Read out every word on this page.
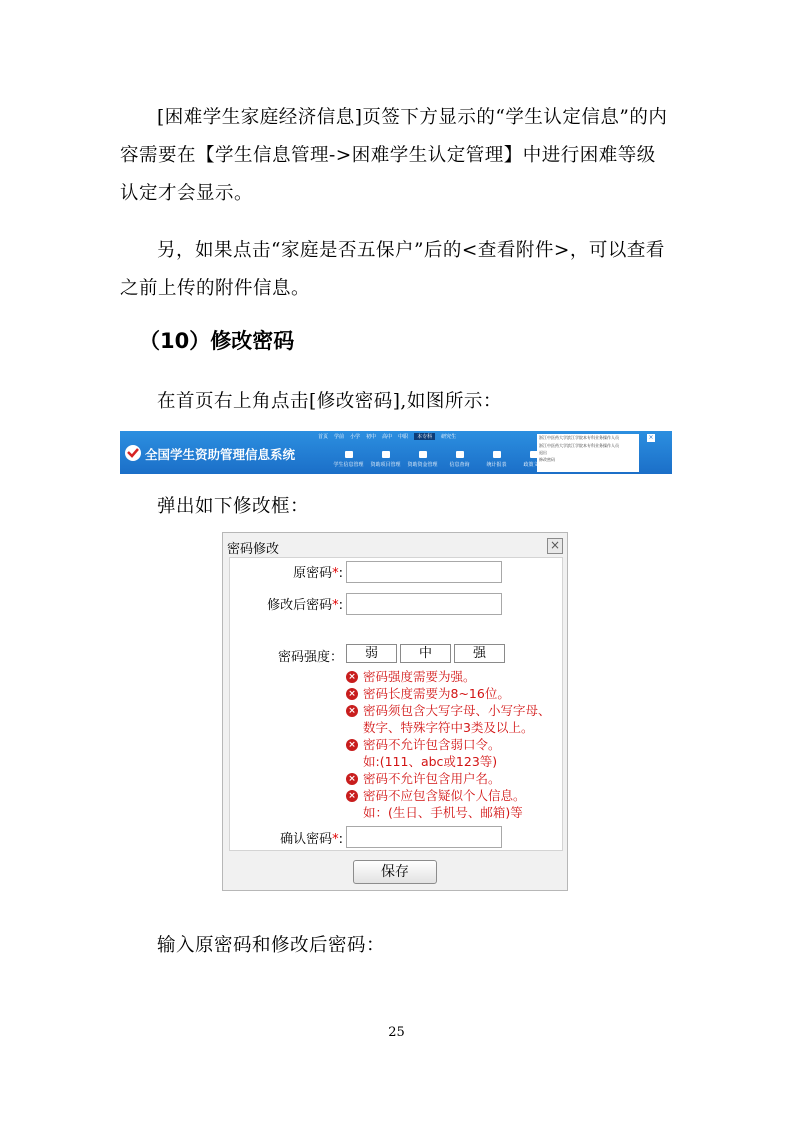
[困难学生家庭经济信息]页签下方显示的“学生认定信息”的内容需要在【学生信息管理->困难学生认定管理】中进行困难等级认定才会显示。

另，如果点击“家庭是否五保户”后的<查看附件>，可以查看之前上传的附件信息。

（10）修改密码

在首页右上角点击[修改密码],如图所示：

全国学生资助管理信息系统
首页 学前 小学 初中 高中 中职	本专科	研究生	浙江中医药大学滨江学院本专科业务操作人员
浙江中医药大学滨江学院本专科业务操作人员
退出
修改密码
×
学生信息管理	资助项目管理	资助资金管理	信息查询	统计报表	政策文件

弹出如下修改框：

密码修改	×
原密码*:
修改后密码*:
密码强度：	弱	中	强
× 密码强度需要为强。
× 密码长度需要为8~16位。
× 密码须包含大写字母、小写字母、
数字、特殊字符中3类及以上。
× 密码不允许包含弱口令。
如:(111、abc或123等)
× 密码不允许包含用户名。
× 密码不应包含疑似个人信息。
如：(生日、手机号、邮箱)等
确认密码*:
保存

输入原密码和修改后密码：

25
